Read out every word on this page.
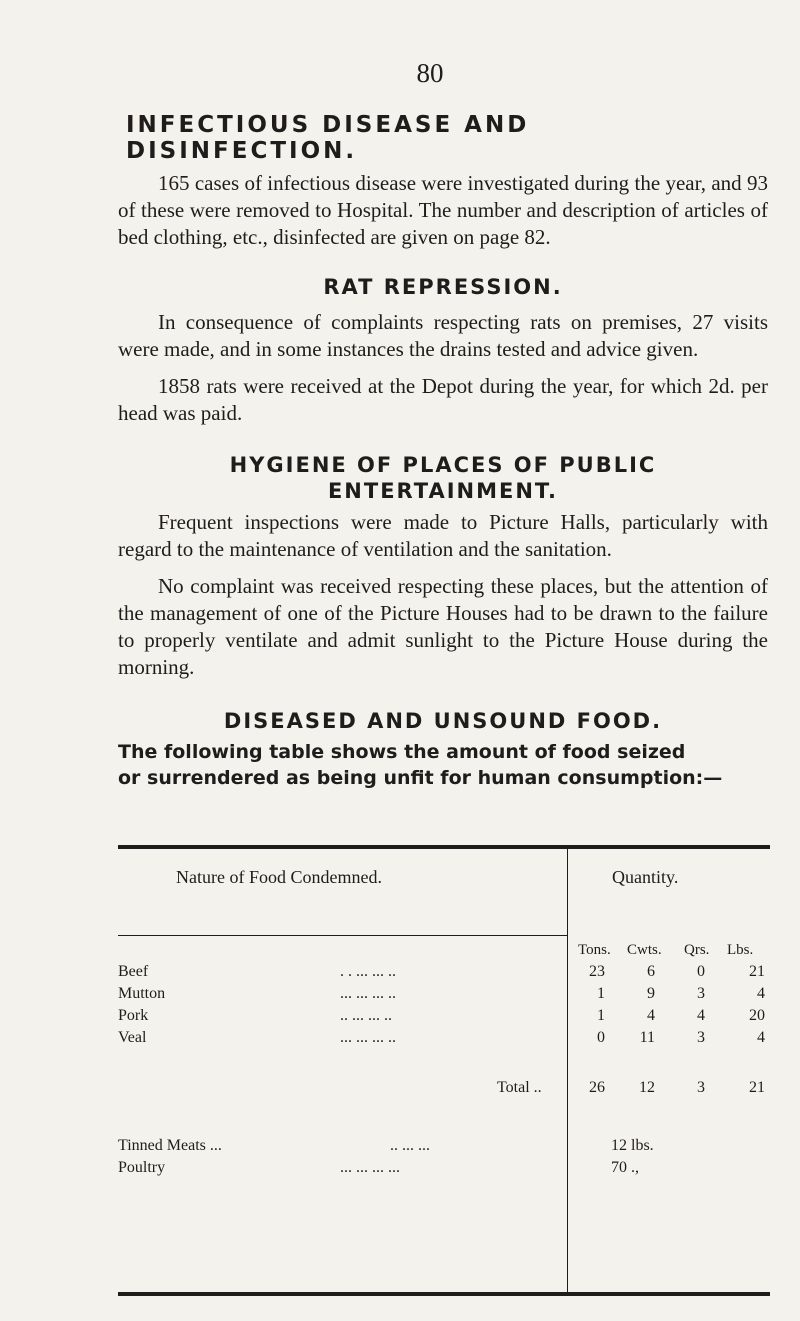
80

INFECTIOUS DISEASE AND DISINFECTION.

165 cases of infectious disease were investigated during the year, and 93 of these were removed to Hospital. The number and description of articles of bed clothing, etc., disinfected are given on page 82.

RAT REPRESSION.

In consequence of complaints respecting rats on premises, 27 visits were made, and in some instances the drains tested and advice given.

1858 rats were received at the Depot during the year, for which 2d. per head was paid.

HYGIENE OF PLACES OF PUBLIC

ENTERTAINMENT.

Frequent inspections were made to Picture Halls, particularly with regard to the maintenance of ventilation and the sanitation.

No complaint was received respecting these places, but the attention of the management of one of the Picture Houses had to be drawn to the failure to properly ventilate and admit sunlight to the Picture House during the morning.

DISEASED AND UNSOUND FOOD.

The following table shows the amount of food seized

or surrendered as being unfit for human consumption:—

Nature of Food Condemned.	Quantity.
Tons. Cwts. Qrs. Lbs.
Beef	. . ... ... ..	23	6	0	21
Mutton	... ... ... ..	1	9	3	4
Pork	.. ... ... ..	1	4	4	20
Veal	... ... ... ..	0	11	3	4
Total ..	26	12	3	21
Tinned Meats ...	.. ... ...	12 lbs.
Poultry	... ... ... ...	70 .,
